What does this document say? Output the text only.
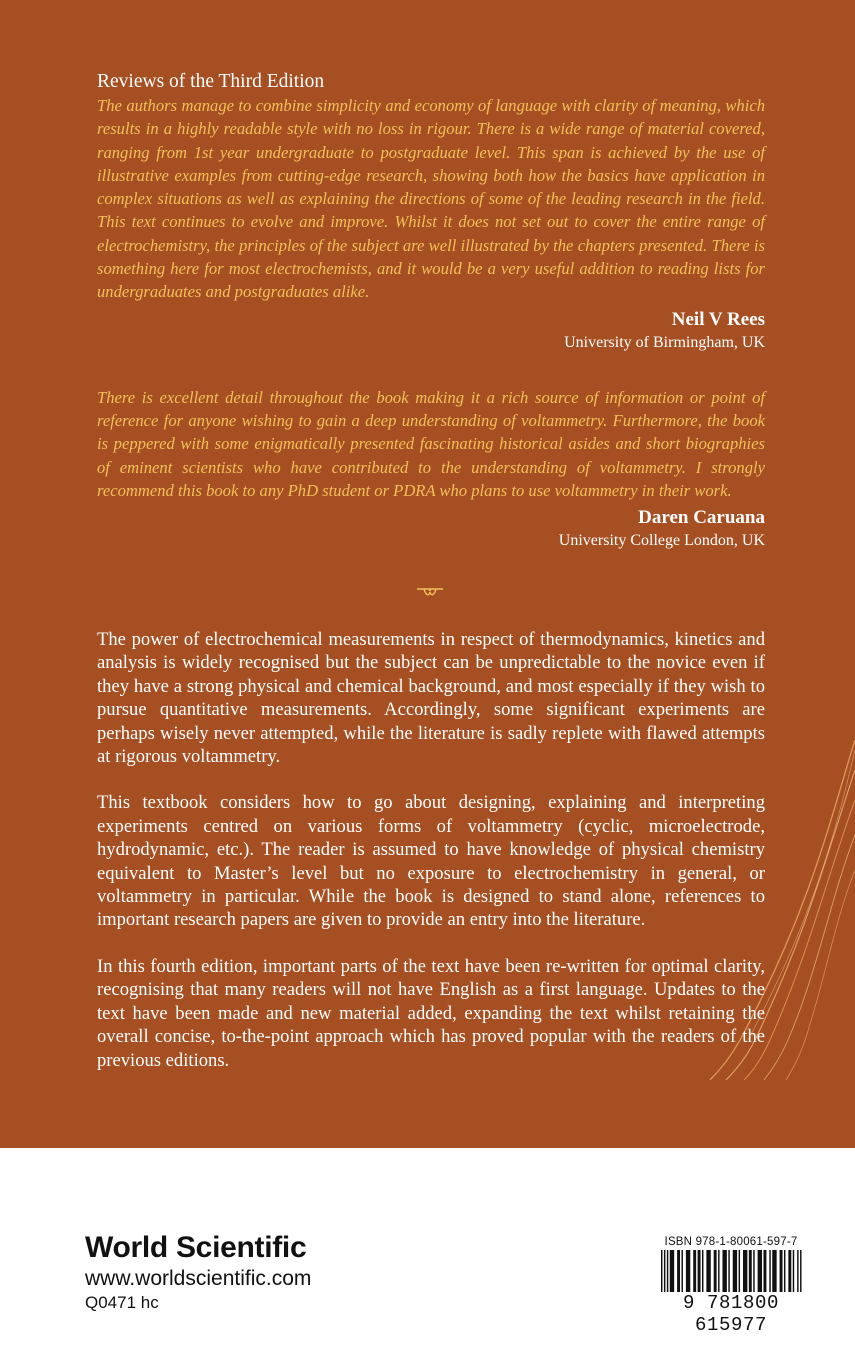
Reviews of the Third Edition

The authors manage to combine simplicity and economy of language with clarity of meaning, which results in a highly readable style with no loss in rigour. There is a wide range of material covered, ranging from 1st year undergraduate to postgraduate level. This span is achieved by the use of illustrative examples from cutting-edge research, showing both how the basics have application in complex situations as well as explaining the directions of some of the leading research in the field. This text continues to evolve and improve. Whilst it does not set out to cover the entire range of electrochemistry, the principles of the subject are well illustrated by the chapters presented. There is something here for most electrochemists, and it would be a very useful addition to reading lists for undergraduates and postgraduates alike.

Neil V Rees
University of Birmingham, UK

There is excellent detail throughout the book making it a rich source of information or point of reference for anyone wishing to gain a deep understanding of voltammetry. Furthermore, the book is peppered with some enigmatically presented fascinating historical asides and short biographies of eminent scientists who have contributed to the understanding of voltammetry. I strongly recommend this book to any PhD student or PDRA who plans to use voltammetry in their work.

Daren Caruana
University College London, UK

The power of electrochemical measurements in respect of thermodynamics, kinetics and analysis is widely recognised but the subject can be unpredictable to the novice even if they have a strong physical and chemical background, and most especially if they wish to pursue quantitative measurements. Accordingly, some significant experiments are perhaps wisely never attempted, while the literature is sadly replete with flawed attempts at rigorous voltammetry.

This textbook considers how to go about designing, explaining and interpreting experiments centred on various forms of voltammetry (cyclic, microelectrode, hydrodynamic, etc.). The reader is assumed to have knowledge of physical chemistry equivalent to Master’s level but no exposure to electrochemistry in general, or voltammetry in particular. While the book is designed to stand alone, references to important research papers are given to provide an entry into the literature.

In this fourth edition, important parts of the text have been re-written for optimal clarity, recognising that many readers will not have English as a first language. Updates to the text have been made and new material added, expanding the text whilst retaining the overall concise, to-the-point approach which has proved popular with the readers of the previous editions.

World Scientific
www.worldscientific.com
Q0471 hc
ISBN 978-1-80061-597-7
9 781800 615977
